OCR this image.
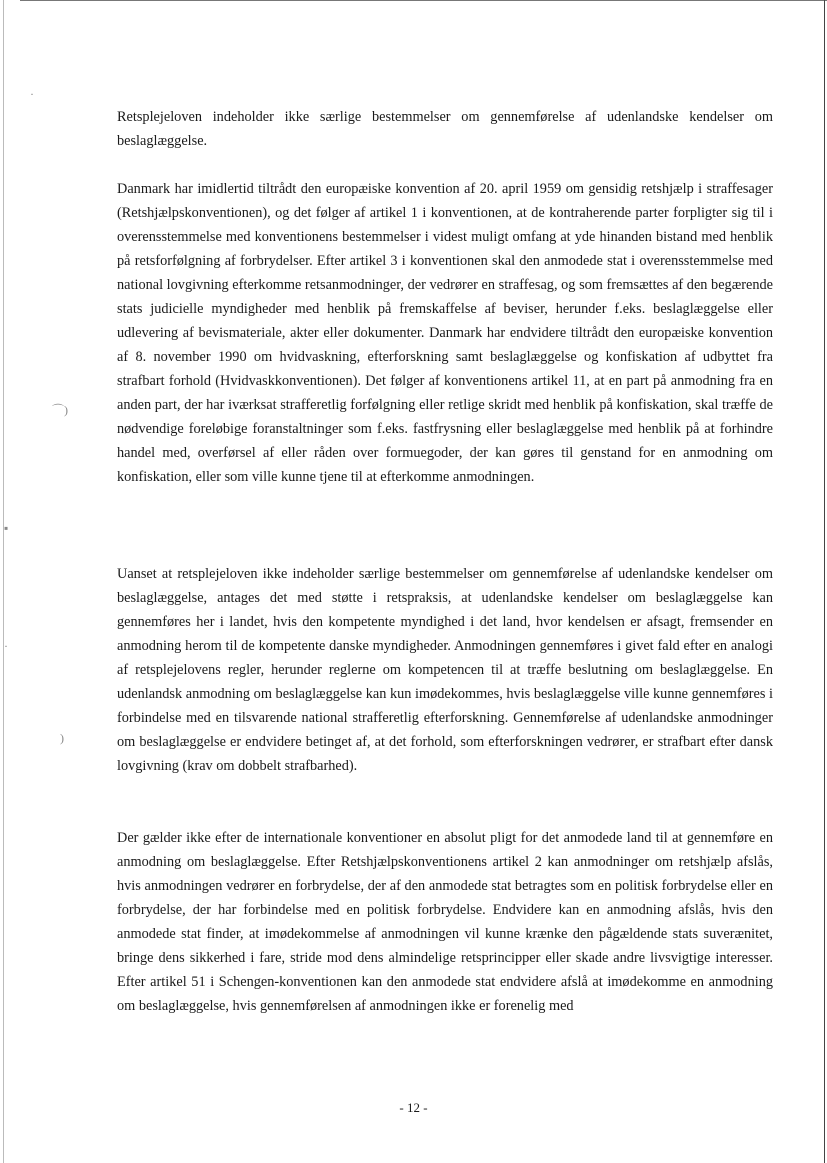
·
⌒)
▪
·
)

Retsplejeloven indeholder ikke særlige bestemmelser om gennemførelse af udenlandske kendelser om beslaglæggelse.

Danmark har imidlertid tiltrådt den europæiske konvention af 20. april 1959 om gensidig retshjælp i straffesager (Retshjælpskonventionen), og det følger af artikel 1 i konventionen, at de kontraherende parter forpligter sig til i overensstemmelse med konventionens bestemmelser i videst muligt omfang at yde hinanden bistand med henblik på retsforfølgning af forbrydelser. Efter artikel 3 i konventionen skal den anmodede stat i overensstemmelse med national lovgivning efterkomme retsanmodninger, der vedrører en straffesag, og som fremsættes af den begærende stats judicielle myndigheder med henblik på fremskaffelse af beviser, herunder f.eks. beslaglæggelse eller udlevering af bevismateriale, akter eller dokumenter. Danmark har endvidere tiltrådt den europæiske konvention af 8. november 1990 om hvidvaskning, efterforskning samt beslaglæggelse og konfiskation af udbyttet fra strafbart forhold (Hvidvaskkonventionen). Det følger af konventionens artikel 11, at en part på anmodning fra en anden part, der har iværksat strafferetlig forfølgning eller retlige skridt med henblik på konfiskation, skal træffe de nødvendige foreløbige foranstaltninger som f.eks. fastfrysning eller beslaglæggelse med henblik på at forhindre handel med, overførsel af eller råden over formuegoder, der kan gøres til genstand for en anmodning om konfiskation, eller som ville kunne tjene til at efterkomme anmodningen.

Uanset at retsplejeloven ikke indeholder særlige bestemmelser om gennemførelse af udenlandske kendelser om beslaglæggelse, antages det med støtte i retspraksis, at udenlandske kendelser om beslaglæggelse kan gennemføres her i landet, hvis den kompetente myndighed i det land, hvor kendelsen er afsagt, fremsender en anmodning herom til de kompetente danske myndigheder. Anmodningen gennemføres i givet fald efter en analogi af retsplejelovens regler, herunder reglerne om kompetencen til at træffe beslutning om beslaglæggelse. En udenlandsk anmodning om beslaglæggelse kan kun imødekommes, hvis beslaglæggelse ville kunne gennemføres i forbindelse med en tilsvarende national strafferetlig efterforskning. Gennemførelse af udenlandske anmodninger om beslaglæggelse er endvidere betinget af, at det forhold, som efterforskningen vedrører, er strafbart efter dansk lovgivning (krav om dobbelt strafbarhed).

Der gælder ikke efter de internationale konventioner en absolut pligt for det anmodede land til at gennemføre en anmodning om beslaglæggelse. Efter Retshjælpskonventionens artikel 2 kan anmodninger om retshjælp afslås, hvis anmodningen vedrører en forbrydelse, der af den anmodede stat betragtes som en politisk forbrydelse eller en forbrydelse, der har forbindelse med en politisk forbrydelse. Endvidere kan en anmodning afslås, hvis den anmodede stat finder, at imødekommelse af anmodningen vil kunne krænke den pågældende stats suverænitet, bringe dens sikkerhed i fare, stride mod dens almindelige retsprincipper eller skade andre livsvigtige interesser. Efter artikel 51 i Schengen-konventionen kan den anmodede stat endvidere afslå at imødekomme en anmodning om beslaglæggelse, hvis gennemførelsen af anmodningen ikke er forenelig med

- 12 -
